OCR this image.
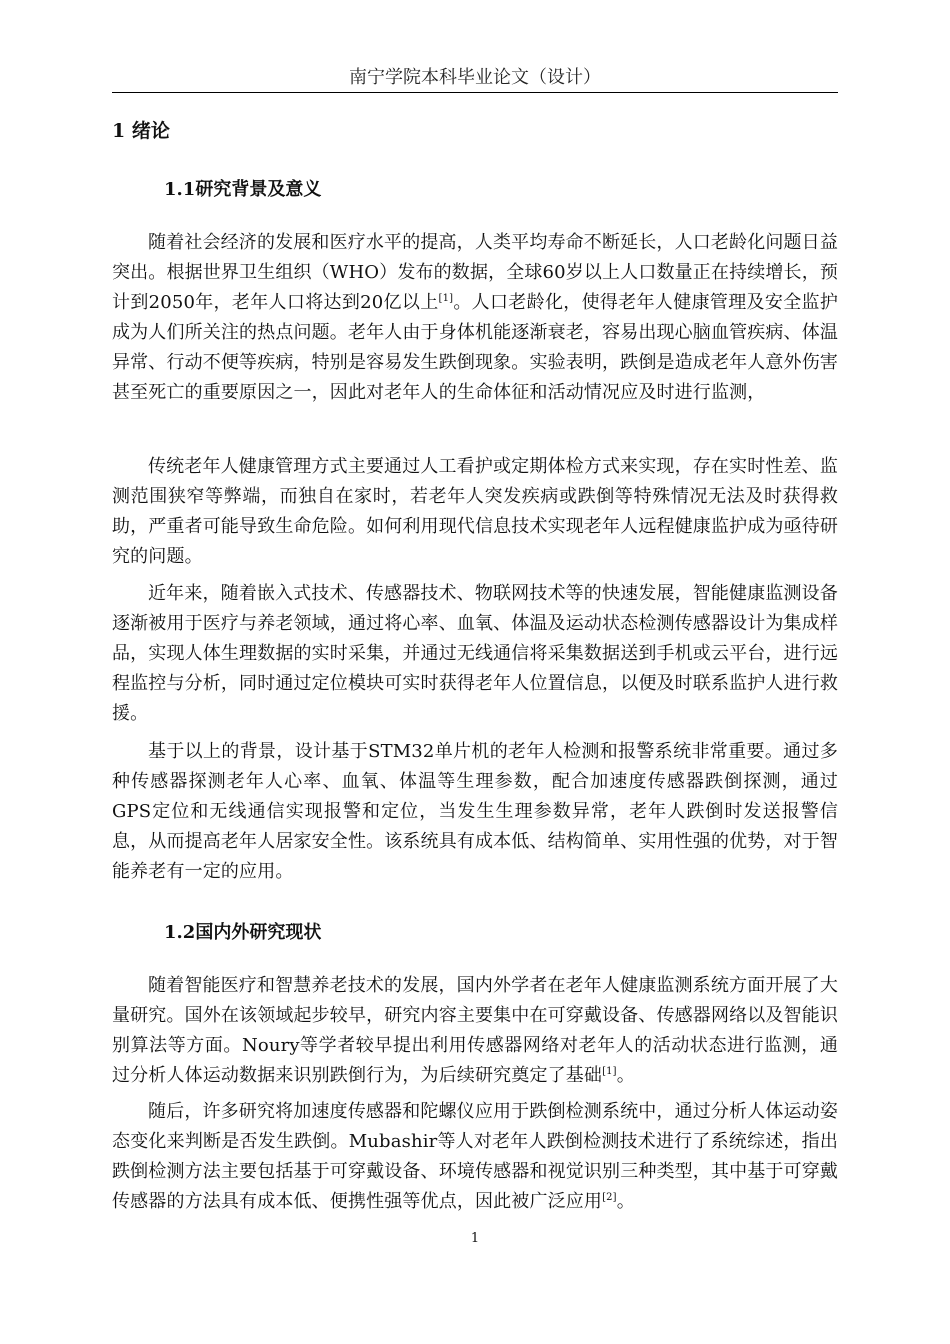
南宁学院本科毕业论文（设计）
1 绪论
1.1研究背景及意义

随着社会经济的发展和医疗水平的提高，人类平均寿命不断延长，人口老龄化问题日益突出。根据世界卫生组织（WHO）发布的数据，全球60岁以上人口数量正在持续增长，预计到2050年，老年人口将达到20亿以上[1]。人口老龄化，使得老年人健康管理及安全监护成为人们所关注的热点问题。老年人由于身体机能逐渐衰老，容易出现心脑血管疾病、体温异常、行动不便等疾病，特别是容易发生跌倒现象。实验表明，跌倒是造成老年人意外伤害甚至死亡的重要原因之一，因此对老年人的生命体征和活动情况应及时进行监测，

传统老年人健康管理方式主要通过人工看护或定期体检方式来实现，存在实时性差、监测范围狭窄等弊端，而独自在家时，若老年人突发疾病或跌倒等特殊情况无法及时获得救助，严重者可能导致生命危险。如何利用现代信息技术实现老年人远程健康监护成为亟待研究的问题。

近年来，随着嵌入式技术、传感器技术、物联网技术等的快速发展，智能健康监测设备逐渐被用于医疗与养老领域，通过将心率、血氧、体温及运动状态检测传感器设计为集成样品，实现人体生理数据的实时采集，并通过无线通信将采集数据送到手机或云平台，进行远程监控与分析，同时通过定位模块可实时获得老年人位置信息，以便及时联系监护人进行救援。

基于以上的背景，设计基于STM32单片机的老年人检测和报警系统非常重要。通过多种传感器探测老年人心率、血氧、体温等生理参数，配合加速度传感器跌倒探测，通过GPS定位和无线通信实现报警和定位，当发生生理参数异常，老年人跌倒时发送报警信息，从而提高老年人居家安全性。该系统具有成本低、结构简单、实用性强的优势，对于智能养老有一定的应用。

1.2国内外研究现状

随着智能医疗和智慧养老技术的发展，国内外学者在老年人健康监测系统方面开展了大量研究。国外在该领域起步较早，研究内容主要集中在可穿戴设备、传感器网络以及智能识别算法等方面。Noury等学者较早提出利用传感器网络对老年人的活动状态进行监测，通过分析人体运动数据来识别跌倒行为，为后续研究奠定了基础[1]。

随后，许多研究将加速度传感器和陀螺仪应用于跌倒检测系统中，通过分析人体运动姿态变化来判断是否发生跌倒。Mubashir等人对老年人跌倒检测技术进行了系统综述，指出跌倒检测方法主要包括基于可穿戴设备、环境传感器和视觉识别三种类型，其中基于可穿戴传感器的方法具有成本低、便携性强等优点，因此被广泛应用[2]。

1
